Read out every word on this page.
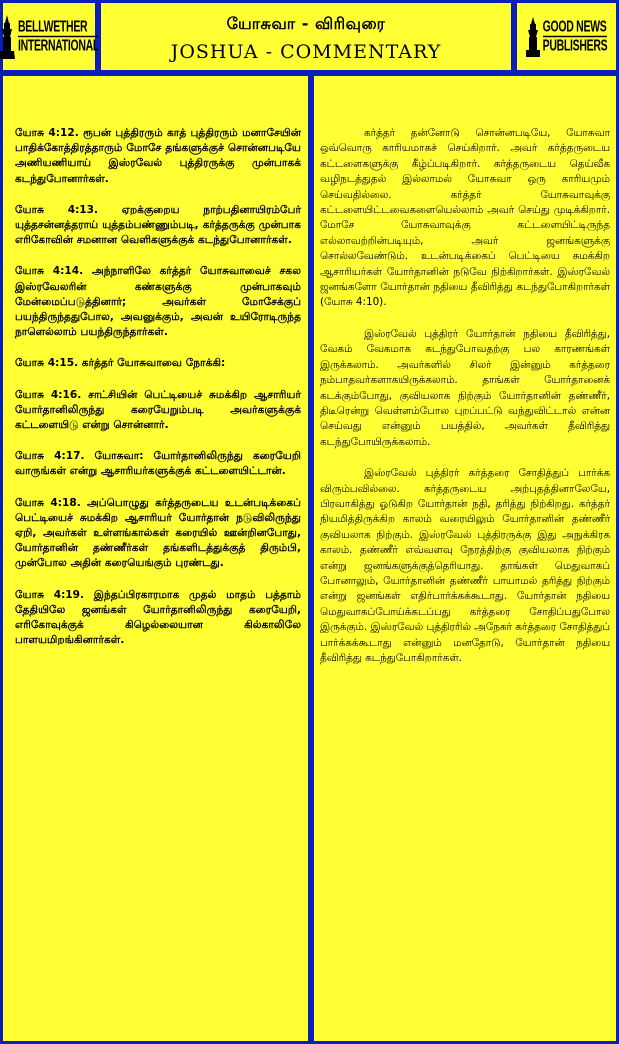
BELLWETHER
INTERNATIONAL
யோசுவா - விரிவுரை
JOSHUA - COMMENTARY
GOOD NEWS
PUBLISHERS

யோசு 4:12. ரூபன் புத்திரரும் காத் புத்திரரும் மனாசேயின் பாதிக்கோத்திரத்தாரும் மோசே தங்களுக்குச் சொன்னபடியே அணியணியாய் இஸ்ரவேல் புத்திரருக்கு முன்பாகக் கடந்துபோனார்கள்.

யோசு 4:13. ஏறக்குறைய நாற்பதினாயிரம்பேர் யுத்தசன்னத்தராய் யுத்தம்பண்ணும்படி, கர்த்தருக்கு முன்பாக எரிகோவின் சமனான வெளிகளுக்குக் கடந்துபோனார்கள்.

யோசு 4:14. அந்நாளிலே கர்த்தர் யோசுவாவைச் சகல இஸ்ரவேலரின் கண்களுக்கு முன்பாகவும் மேன்மைப்படுத்தினார்; அவர்கள் மோசேக்குப் பயந்திருந்ததுபோல, அவனுக்கும், அவன் உயிரோடிருந்த நாளெல்லாம் பயந்திருந்தார்கள்.

யோசு 4:15. கர்த்தர் யோசுவாவை நோக்கி:

யோசு 4:16. சாட்சியின் பெட்டியைச் சுமக்கிற ஆசாரியர் யோர்தானிலிருந்து கரையேறும்படி அவர்களுக்குக் கட்டளையிடு என்று சொன்னார்.

யோசு 4:17. யோசுவா: யோர்தானிலிருந்து கரையேறி வாருங்கள் என்று ஆசாரியர்களுக்குக் கட்டளையிட்டான்.

யோசு 4:18. அப்பொழுது கர்த்தருடைய உடன்படிக்கைப் பெட்டியைச் சுமக்கிற ஆசாரியர் யோர்தான் நடுவிலிருந்து ஏறி, அவர்கள் உள்ளங்கால்கள் கரையில் ஊன்றினபோது, யோர்தானின் தண்ணீர்கள் தங்களிடத்துக்குத் திரும்பி, முன்போல அதின் கரையெங்கும் புரண்டது.

யோசு 4:19. இந்தப்பிரகாரமாக முதல் மாதம் பத்தாம் தேதியிலே ஜனங்கள் யோர்தானிலிருந்து கரையேறி, எரிகோவுக்குக் கிழெல்லையான கில்காலிலே பாளயமிறங்கினார்கள்.

கர்த்தர் தன்னோடு சொன்னபடியே, யோசுவா ஒவ்வொரு காரியமாகச் செய்கிறார். அவர் கர்த்தருடைய கட்டளைகளுக்கு கீழ்ப்படிகிறார். கர்த்தருடைய தெய்வீக வழிநடத்துதல் இல்லாமல் யோசுவா ஒரு காரியமும் செய்வதில்லை. கர்த்தர் யோசுவாவுக்கு கட்டளையிட்டவைகளையெல்லாம் அவர் செய்து முடிக்கிறார். மோசே யோசுவாவுக்கு கட்டளையிட்டிருந்த எல்லாவற்றின்படியும், அவர் ஜனங்களுக்கு சொல்லவேண்டும். உடன்படிக்கைப் பெட்டியை சுமக்கிற ஆசாரியர்கள் யோர்தானின் நடுவே நிற்கிறார்கள். இஸ்ரவேல் ஜனங்களோ யோர்தான் நதியை தீவிரித்து கடந்துபோகிறார்கள் (யோசு 4:10).

இஸ்ரவேல் புத்திரர் யோர்தான் நதியை தீவிரித்து, வேகம் வேகமாக கடந்துபோவதற்கு பல காரணங்கள் இருக்கலாம். அவர்களில் சிலர் இன்னும் கர்த்தரை நம்பாதவர்களாகயிருக்கலாம். தாங்கள் யோர்தானைக் கடக்கும்போது, குவியலாக நிற்கும் யோர்தானின் தண்ணீர், திடீரென்று வெள்ளம்போல புறப்பட்டு வந்துவிட்டால் என்ன செய்வது என்னும் பயத்தில், அவர்கள் தீவிரித்து கடந்துபோயிருக்கலாம்.

இஸ்ரவேல் புத்திரர் கர்த்தரை சோதித்துப் பார்க்க விரும்பவில்லை. கர்த்தருடைய அற்புதத்தினாலேயே, பிரவாகித்து ஓடுகிற யோர்தான் நதி, தரித்து நிற்கிறது. கர்த்தர் நியமித்திருக்கிற காலம் வரையிலும் யோர்தானின் தண்ணீர் குவியலாக நிற்கும். இஸ்ரவேல் புத்திரருக்கு இது அநுக்கிரக காலம். தண்ணீர் எவ்வளவு நேரத்திற்கு குவியலாக நிற்கும் என்று ஜனங்களுக்குத்தெரியாது. தாங்கள் மெதுவாகப் போனாலும், யோர்தானின் தண்ணீர் பாயாமல் தரித்து நிற்கும் என்று ஜனங்கள் எதிர்பார்க்கக்கூடாது. யோர்தான் நதியை மெதுவாகப்போய்க்கடப்பது கர்த்தரை சோதிப்பதுபோல இருக்கும். இஸ்ரவேல் புத்திரரில் அநேகர் கர்த்தரை சோதித்துப் பார்க்கக்கூடாது என்னும் மனதோடு, யோர்தான் நதியை தீவிரித்து கடந்துபோகிறார்கள்.
